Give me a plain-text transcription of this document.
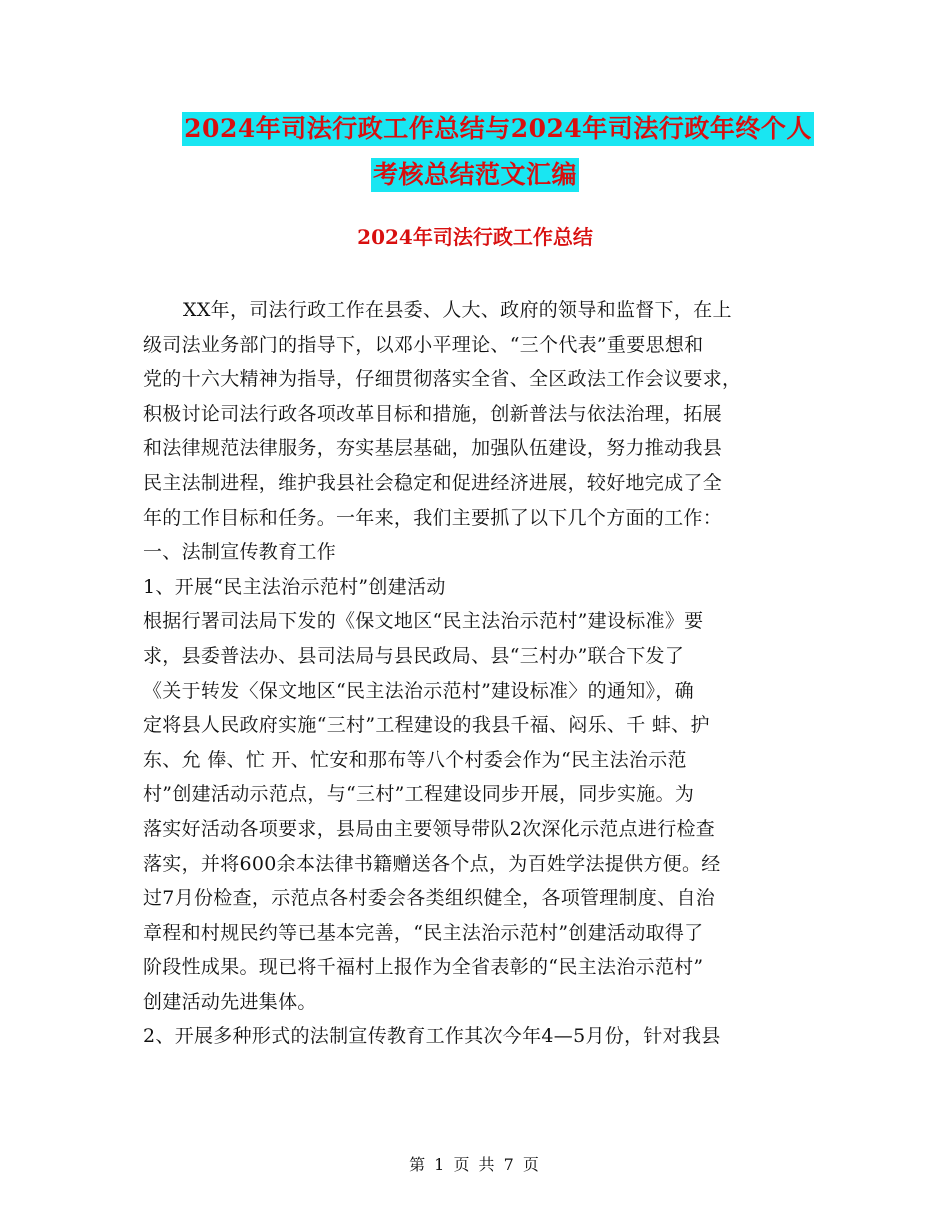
2024年司法行政工作总结与2024年司法行政年终个人
考核总结范文汇编
2024年司法行政工作总结
XX年，司法行政工作在县委、人大、政府的领导和监督下，在上
级司法业务部门的指导下，以邓小平理论、“三个代表”重要思想和
党的十六大精神为指导，仔细贯彻落实全省、全区政法工作会议要求，
积极讨论司法行政各项改革目标和措施，创新普法与依法治理，拓展
和法律规范法律服务，夯实基层基础，加强队伍建设，努力推动我县
民主法制进程，维护我县社会稳定和促进经济进展，较好地完成了全
年的工作目标和任务。一年来，我们主要抓了以下几个方面的工作：
一、法制宣传教育工作
1、开展“民主法治示范村”创建活动
根据行署司法局下发的《保文地区“民主法治示范村”建设标准》要
求，县委普法办、县司法局与县民政局、县“三村办”联合下发了
《关于转发〈保文地区“民主法治示范村”建设标准〉的通知》，确
定将县人民政府实施“三村”工程建设的我县千福、闷乐、千 蚌、护
东、允 俸、忙 开、忙安和那布等八个村委会作为“民主法治示范
村”创建活动示范点，与“三村”工程建设同步开展，同步实施。为
落实好活动各项要求，县局由主要领导带队2次深化示范点进行检查
落实，并将600余本法律书籍赠送各个点，为百姓学法提供方便。经
过7月份检查，示范点各村委会各类组织健全，各项管理制度、自治
章程和村规民约等已基本完善，“民主法治示范村”创建活动取得了
阶段性成果。现已将千福村上报作为全省表彰的“民主法治示范村”
创建活动先进集体。
2、开展多种形式的法制宣传教育工作其次今年4—5月份，针对我县
第 1 页 共 7 页
